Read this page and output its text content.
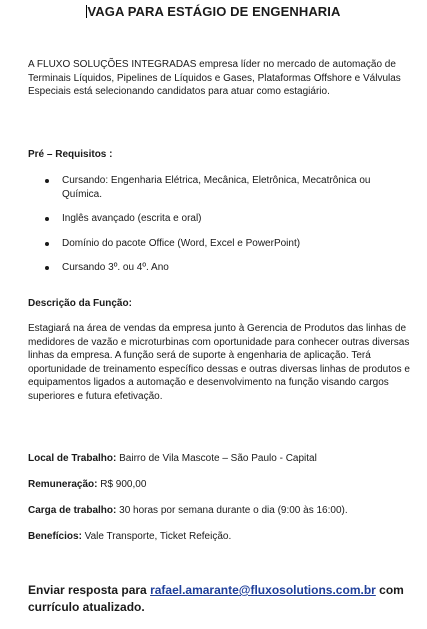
VAGA PARA ESTÁGIO DE ENGENHARIA
A FLUXO SOLUÇÕES INTEGRADAS empresa líder no mercado de automação de Terminais Líquidos, Pipelines de Líquidos e Gases, Plataformas Offshore e Válvulas Especiais está selecionando candidatos para atuar como estagiário.
Pré – Requisitos :
Cursando: Engenharia Elétrica, Mecânica, Eletrônica, Mecatrônica ou Química.
Inglês avançado (escrita e oral)
Domínio do pacote Office (Word, Excel e PowerPoint)
Cursando 3º. ou 4º. Ano
Descrição da Função:
Estagiará na área de vendas da empresa junto à Gerencia de Produtos das linhas de medidores de vazão e microturbinas com oportunidade para conhecer outras diversas linhas da empresa. A função será de suporte à engenharia de aplicação. Terá oportunidade de treinamento específico dessas e outras diversas linhas de produtos e equipamentos ligados a automação e desenvolvimento na função visando cargos superiores e futura efetivação.
Local de Trabalho: Bairro de Vila Mascote – São Paulo - Capital
Remuneração: R$ 900,00
Carga de trabalho: 30 horas por semana durante o dia (9:00 às 16:00).
Benefícios: Vale Transporte, Ticket Refeição.
Enviar resposta para rafael.amarante@fluxosolutions.com.br com currículo atualizado.
